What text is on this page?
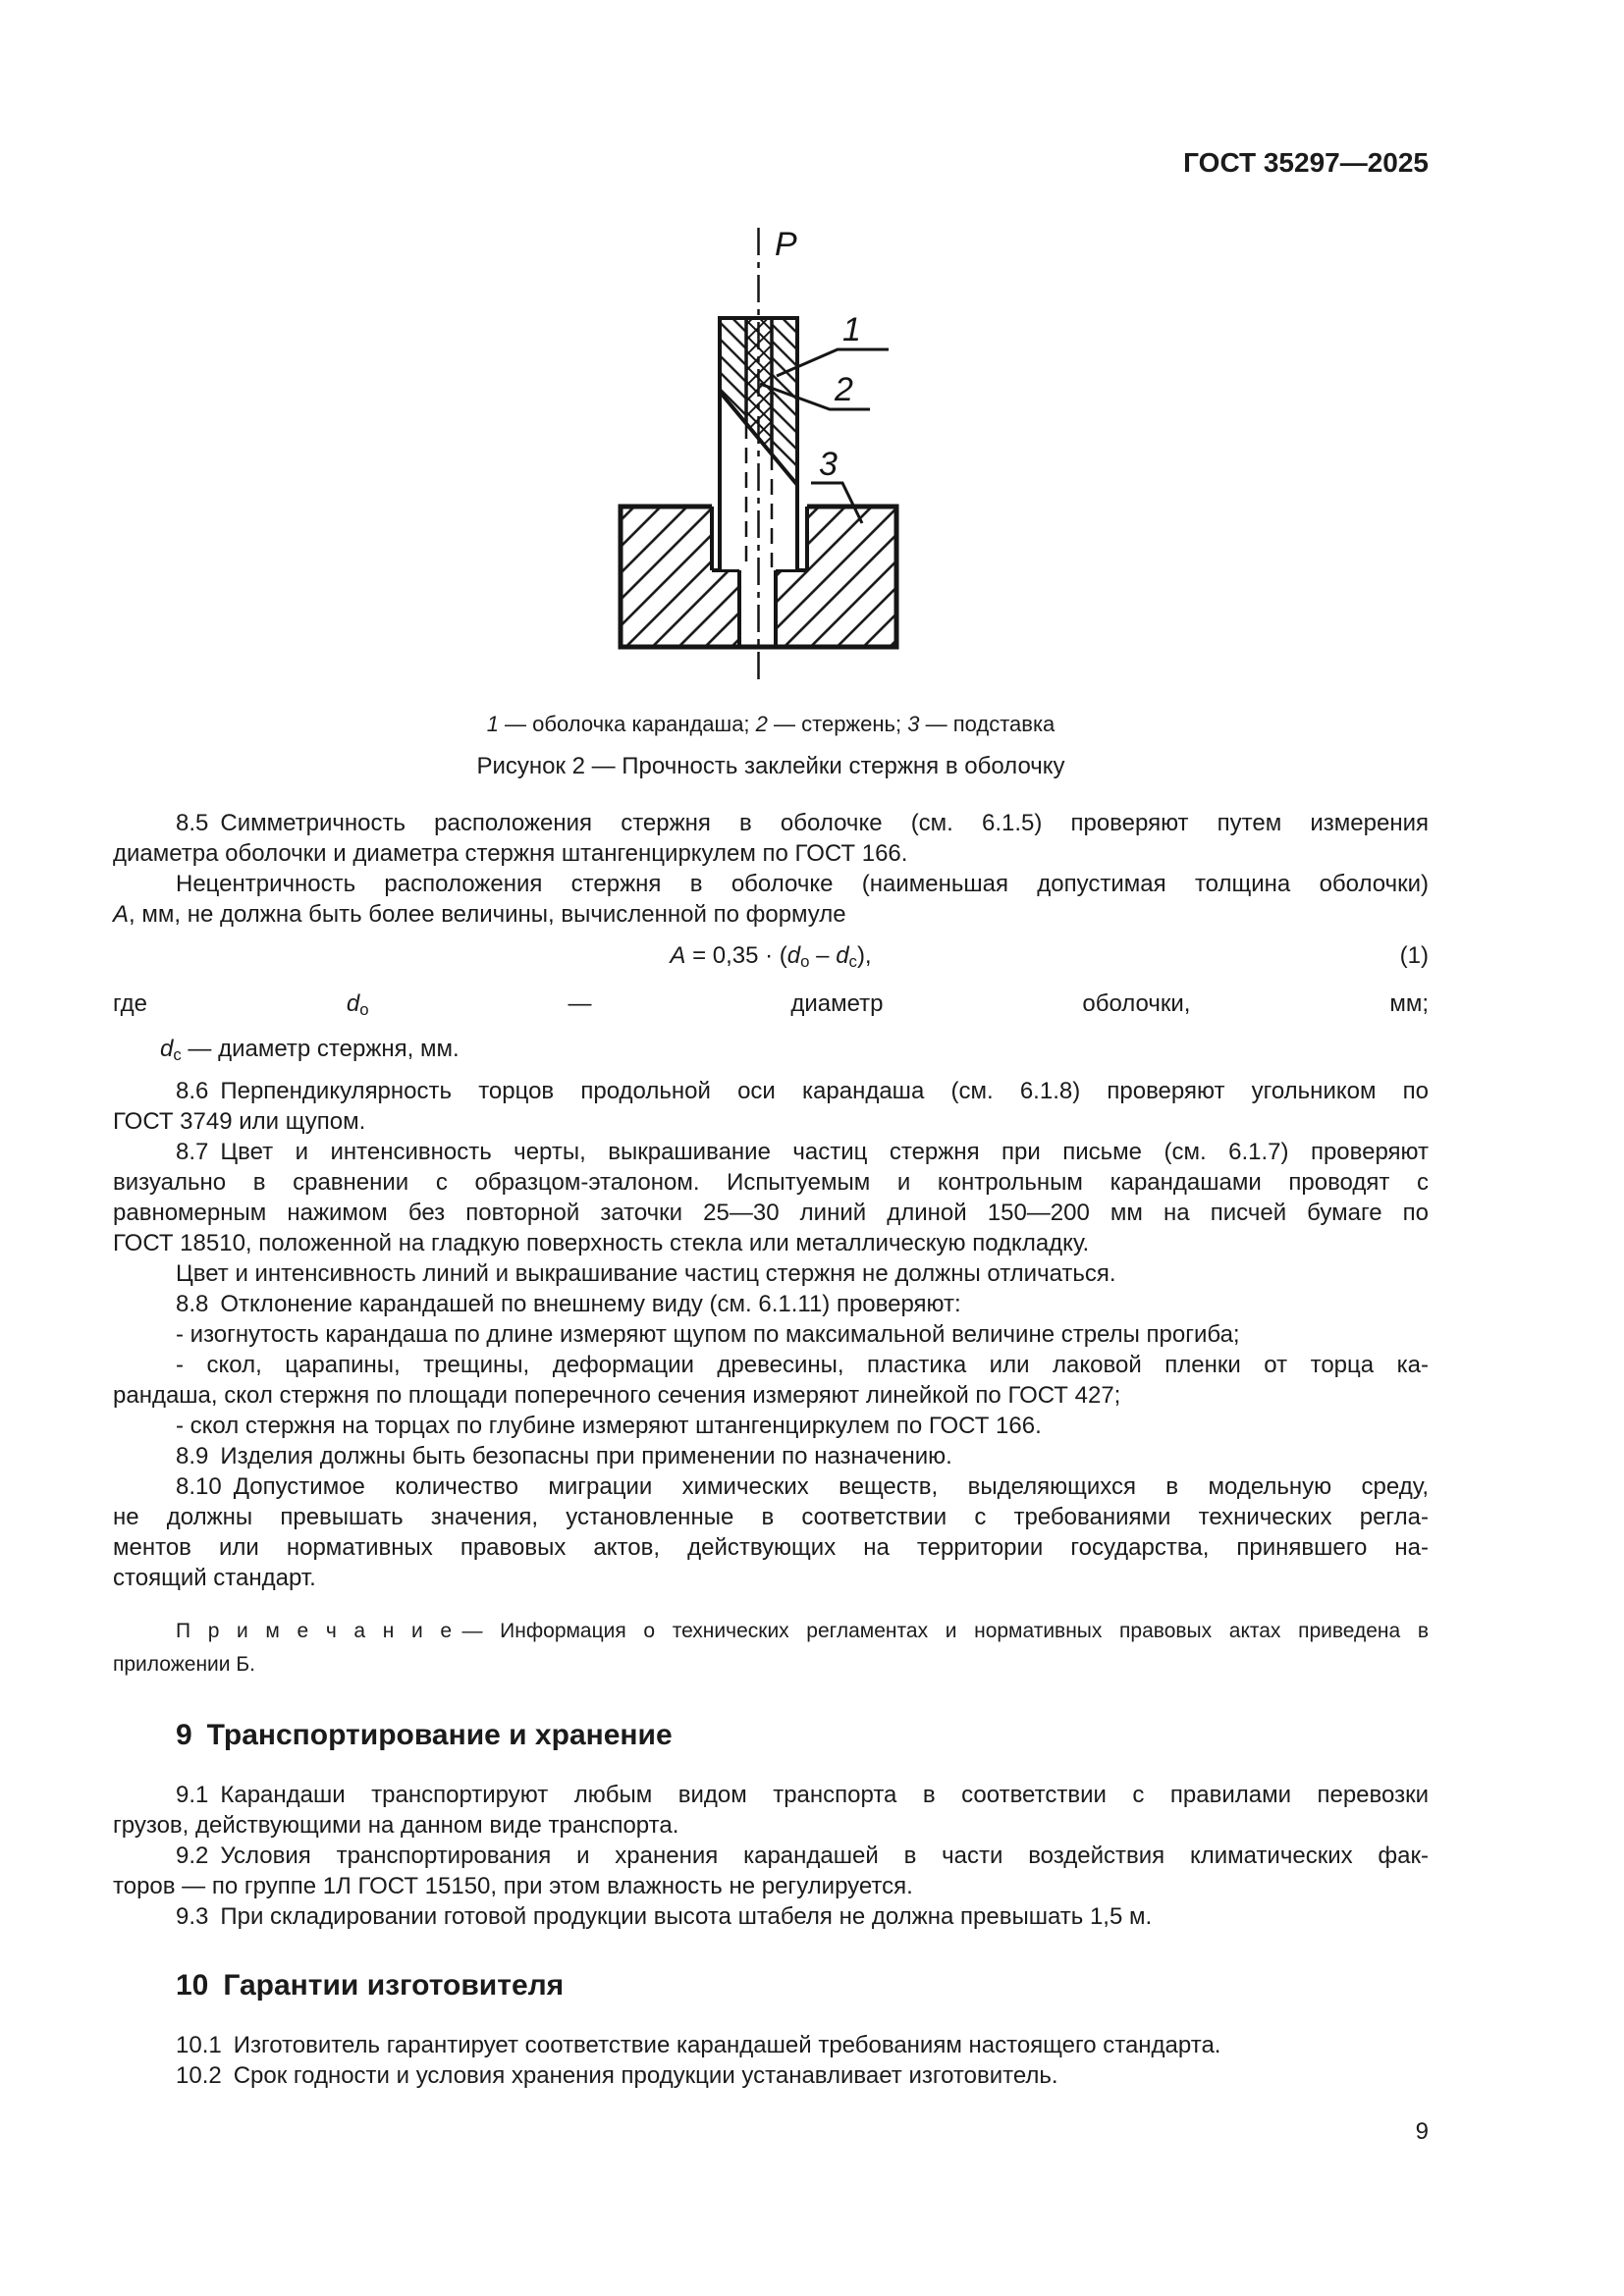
ГОСТ 35297—2025
P
1
2
3
1 — оболочка карандаша; 2 — стержень; 3 — подставка
Рисунок 2 — Прочность заклейки стержня в оболочку
8.5 Симметричность расположения стержня в оболочке (см. 6.1.5) проверяют путем измерения
диаметра оболочки и диаметра стержня штангенциркулем по ГОСТ 166.
Нецентричность расположения стержня в оболочке (наименьшая допустимая толщина оболочки)
А, мм, не должна быть более величины, вычисленной по формуле
А = 0,35 · (dо – dс),	(1)
где dо — диаметр оболочки, мм;
dс — диаметр стержня, мм.
8.6 Перпендикулярность торцов продольной оси карандаша (см. 6.1.8) проверяют угольником по
ГОСТ 3749 или щупом.
8.7 Цвет и интенсивность черты, выкрашивание частиц стержня при письме (см. 6.1.7) проверяют
визуально в сравнении с образцом-эталоном. Испытуемым и контрольным карандашами проводят с
равномерным нажимом без повторной заточки 25—30 линий длиной 150—200 мм на писчей бумаге по
ГОСТ 18510, положенной на гладкую поверхность стекла или металлическую подкладку.
Цвет и интенсивность линий и выкрашивание частиц стержня не должны отличаться.
8.8 Отклонение карандашей по внешнему виду (см. 6.1.11) проверяют:
- изогнутость карандаша по длине измеряют щупом по максимальной величине стрелы прогиба;
- скол, царапины, трещины, деформации древесины, пластика или лаковой пленки от торца ка-
рандаша, скол стержня по площади поперечного сечения измеряют линейкой по ГОСТ 427;
- скол стержня на торцах по глубине измеряют штангенциркулем по ГОСТ 166.
8.9 Изделия должны быть безопасны при применении по назначению.
8.10 Допустимое количество миграции химических веществ, выделяющихся в модельную среду,
не должны превышать значения, установленные в соответствии с требованиями технических регла-
ментов или нормативных правовых актов, действующих на территории государства, принявшего на-
стоящий стандарт.
П р и м е ч а н и е — Информация о технических регламентах и нормативных правовых актах приведена в
приложении Б.
9 Транспортирование и хранение
9.1 Карандаши транспортируют любым видом транспорта в соответствии с правилами перевозки
грузов, действующими на данном виде транспорта.
9.2 Условия транспортирования и хранения карандашей в части воздействия климатических фак-
торов — по группе 1Л ГОСТ 15150, при этом влажность не регулируется.
9.3 При складировании готовой продукции высота штабеля не должна превышать 1,5 м.
10 Гарантии изготовителя
10.1 Изготовитель гарантирует соответствие карандашей требованиям настоящего стандарта.
10.2 Срок годности и условия хранения продукции устанавливает изготовитель.
9
